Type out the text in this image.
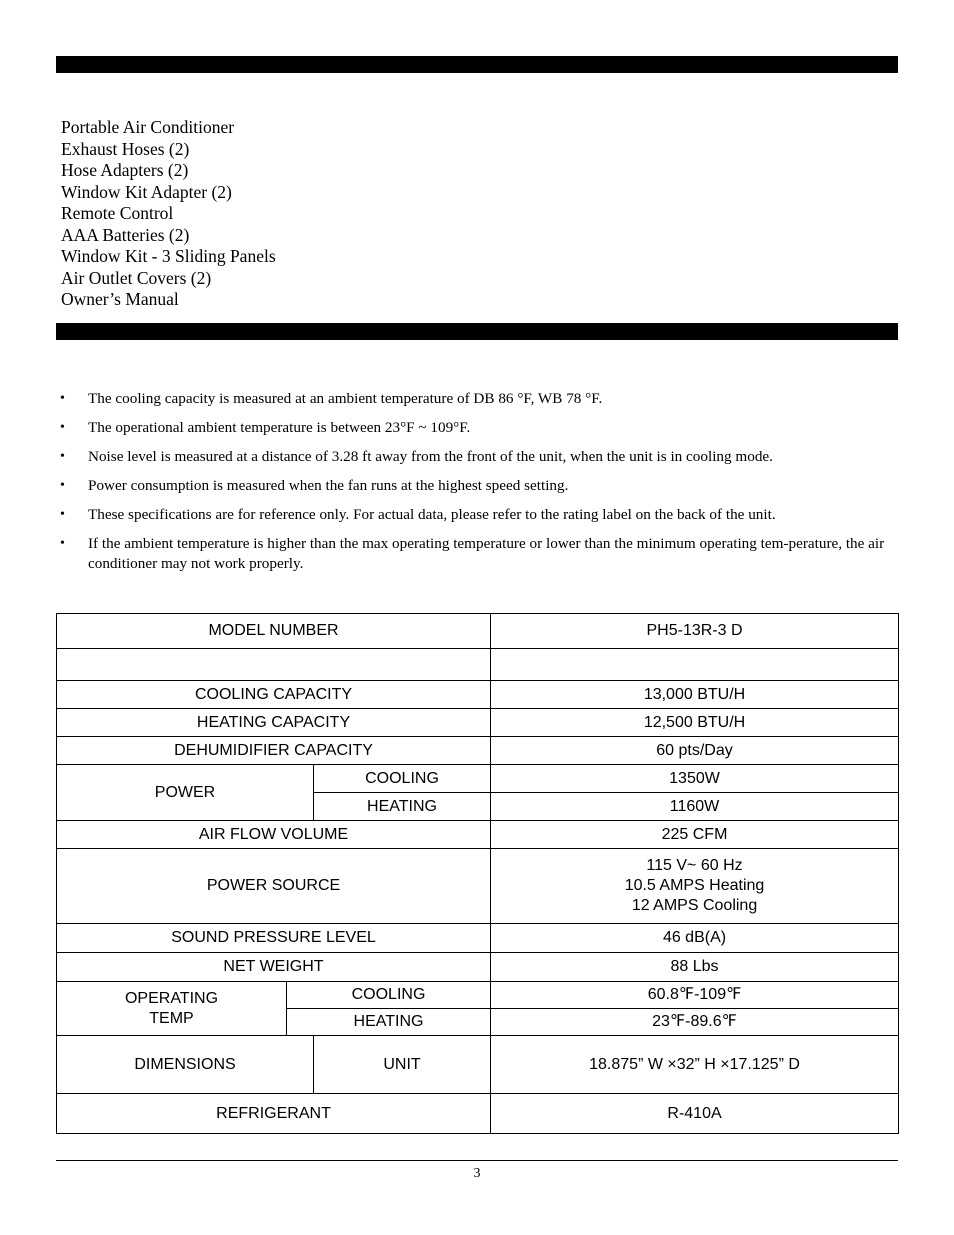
Portable Air Conditioner
Exhaust Hoses (2)
Hose Adapters (2)
Window Kit Adapter (2)
Remote Control
AAA Batteries (2)
Window Kit - 3 Sliding Panels
Air Outlet Covers (2)
Owner’s Manual
• The cooling capacity is measured at an ambient temperature of DB 86 °F, WB 78 °F.
• The operational ambient temperature is between 23°F ~ 109°F.
• Noise level is measured at a distance of 3.28 ft away from the front of the unit, when the unit is in cooling mode.
• Power consumption is measured when the fan runs at the highest speed setting.
• These specifications are for reference only. For actual data, please refer to the rating label on the back of the unit.
• If the ambient temperature is higher than the max operating temperature or lower than the minimum operating tem-perature, the air conditioner may not work properly.
MODEL NUMBER			PH5-13R-3 D

COOLING CAPACITY			13,000 BTU/H
HEATING CAPACITY			12,500 BTU/H
DEHUMIDIFIER CAPACITY			60 pts/Day
POWER		COOLING	1350W
		HEATING	1160W
AIR FLOW VOLUME			225 CFM
POWER SOURCE			115 V~ 60 Hz
10.5 AMPS Heating
12 AMPS Cooling

SOUND PRESSURE LEVEL			46 dB(A)
NET WEIGHT			88 Lbs

OPERATING
TEMP	COOLING		60.8℉-109℉
	HEATING		23℉-89.6℉
DIMENSIONS		UNIT	18.875” W ×32” H ×17.125” D
REFRIGERANT			R-410A
3
